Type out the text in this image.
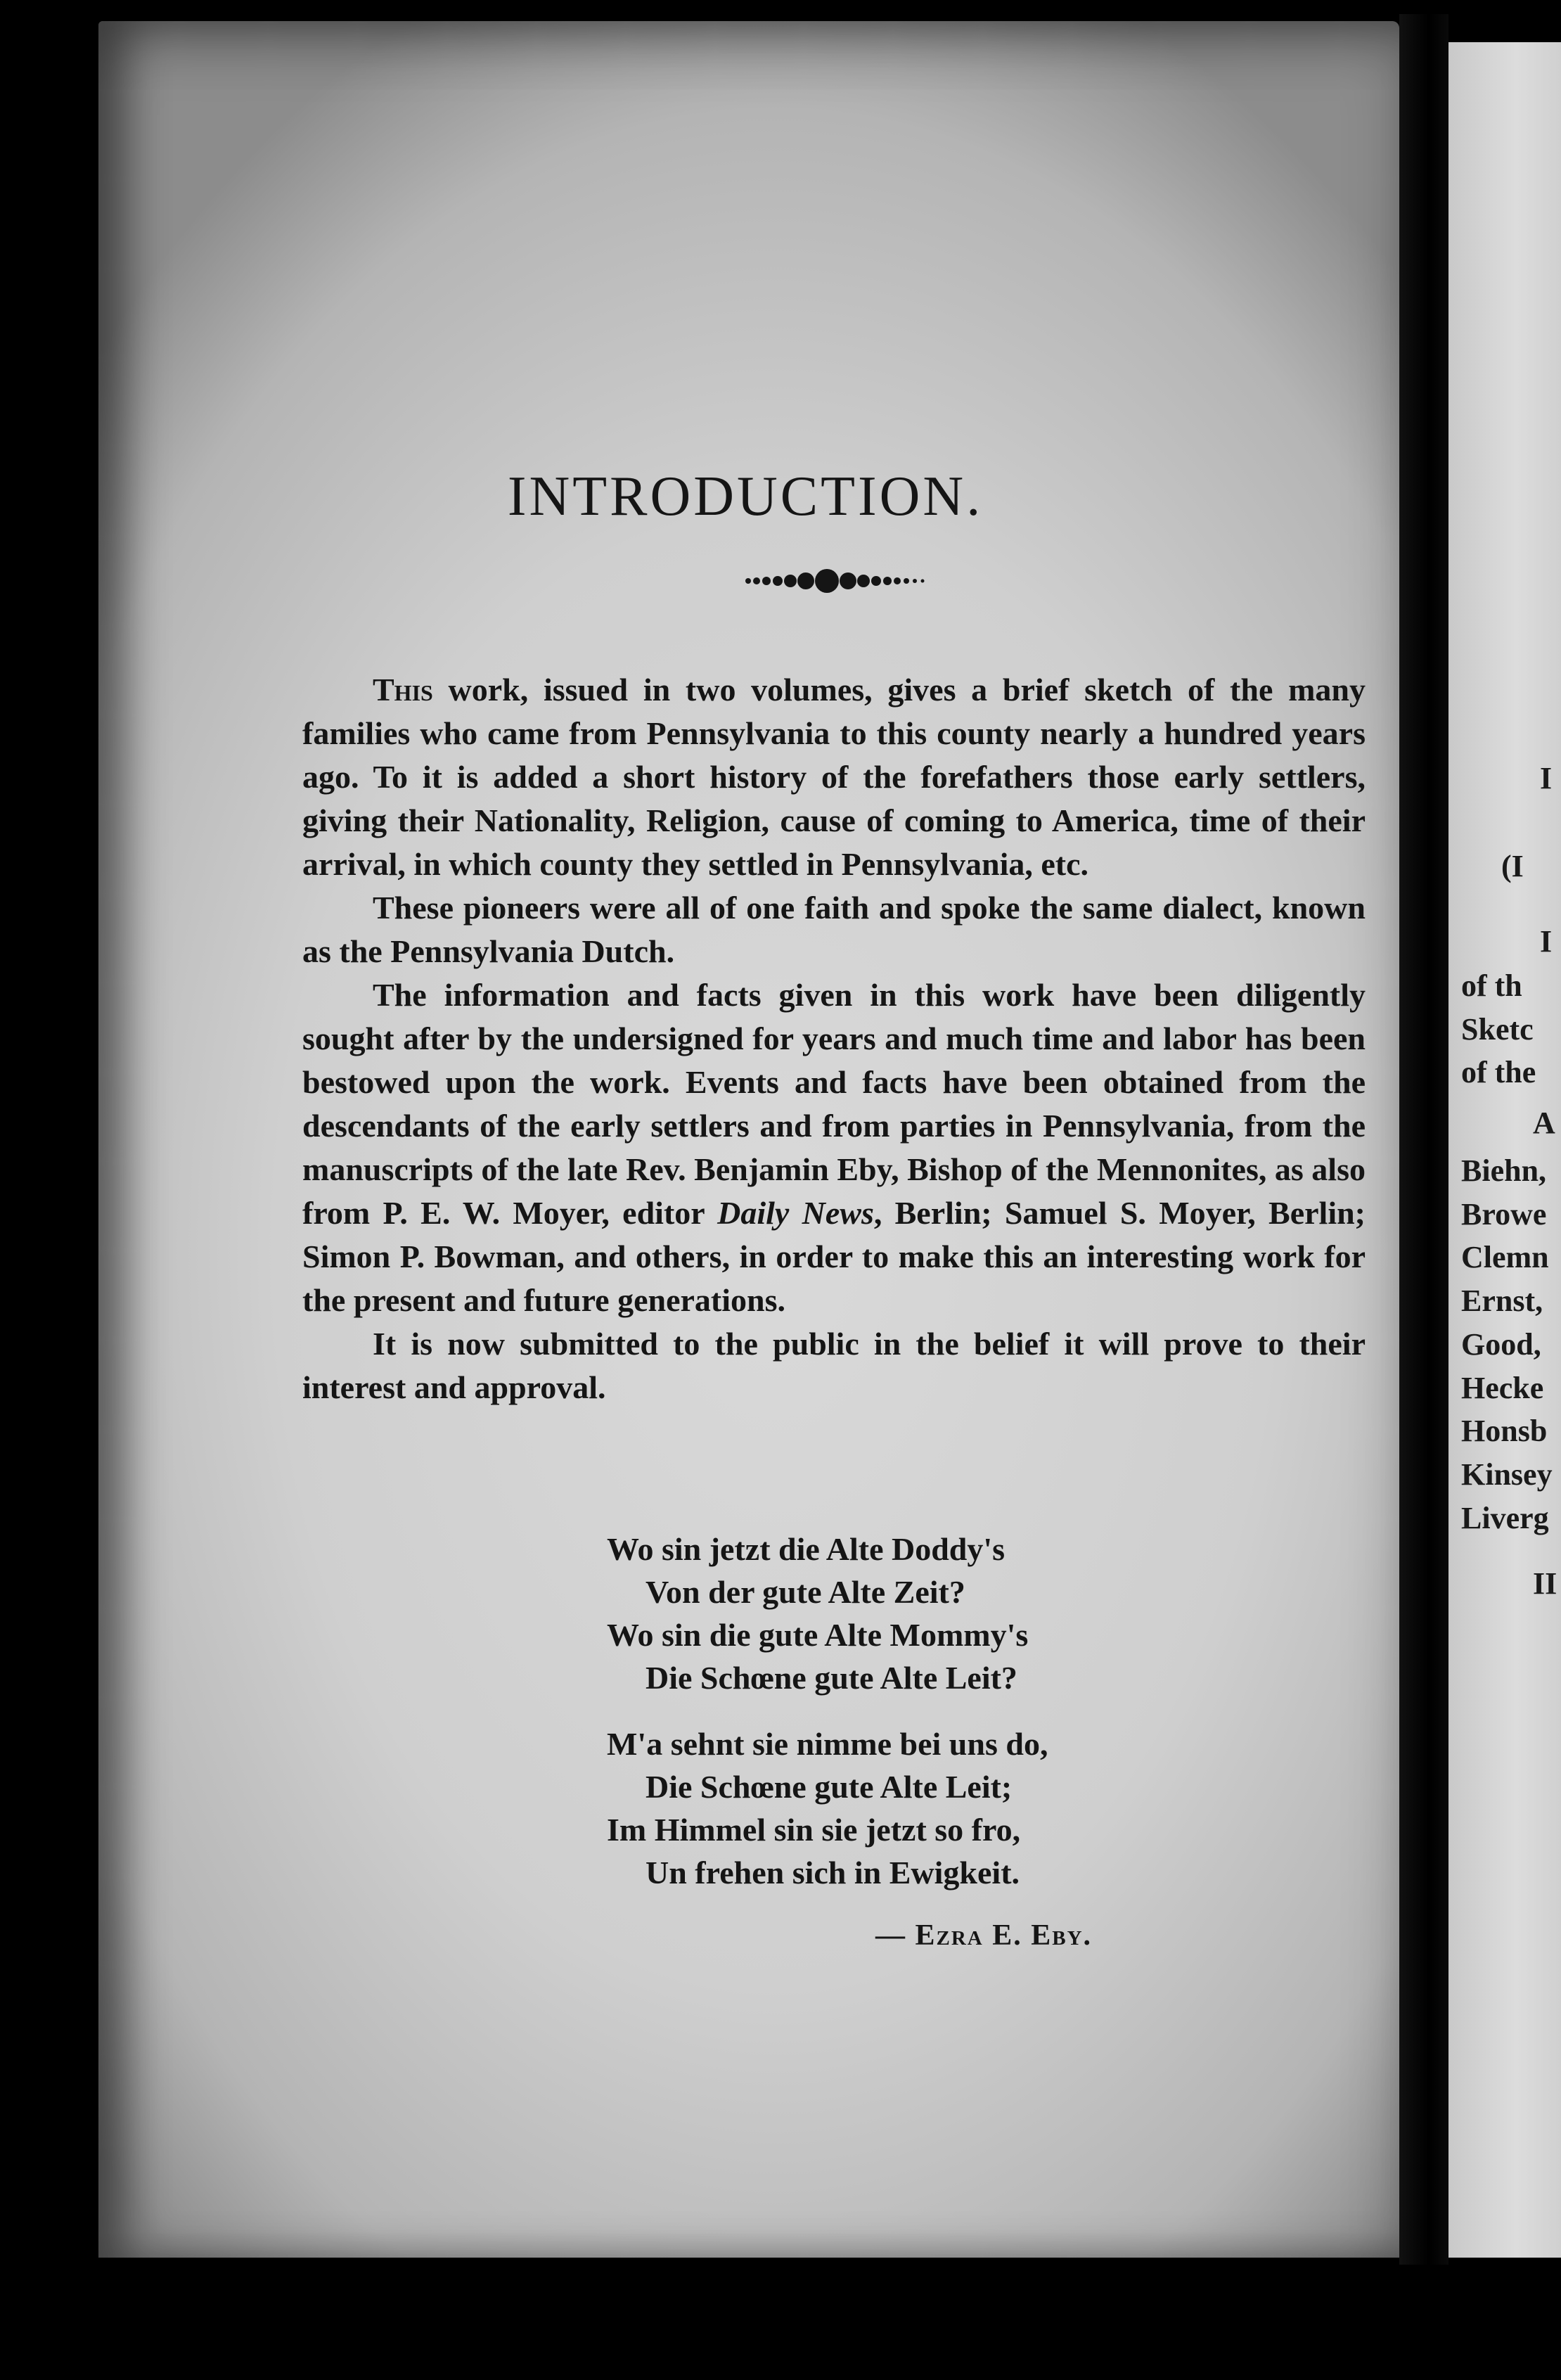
I
(I
I
of th
Sketc
of the
A
Biehn,
Browe
Clemn
Ernst,
Good,
Hecke
Honsb
Kinsey
Liverg
II
INTRODUCTION.

This work, issued in two volumes, gives a brief sketch of the many families who came from Pennsylvania to this county nearly a hundred years ago. To it is added a short history of the forefathers those early settlers, giving their Nationality, Religion, cause of coming to America, time of their arrival, in which county they settled in Pennsylvania, etc.

These pioneers were all of one faith and spoke the same dialect, known as the Pennsylvania Dutch.

The information and facts given in this work have been diligently sought after by the undersigned for years and much time and labor has been bestowed upon the work. Events and facts have been obtained from the descendants of the early settlers and from parties in Pennsylvania, from the manuscripts of the late Rev. Benjamin Eby, Bishop of the Mennonites, as also from P. E. W. Moyer, editor Daily News, Berlin; Samuel S. Moyer, Berlin; Simon P. Bowman, and others, in order to make this an interesting work for the present and future generations.

It is now submitted to the public in the belief it will prove to their interest and approval.

Wo sin jetzt die Alte Doddy's
Von der gute Alte Zeit?
Wo sin die gute Alte Mommy's
Die Schœne gute Alte Leit?
M'a sehnt sie nimme bei uns do,
Die Schœne gute Alte Leit;
Im Himmel sin sie jetzt so fro,
Un frehen sich in Ewigkeit.
— Ezra E. Eby.
